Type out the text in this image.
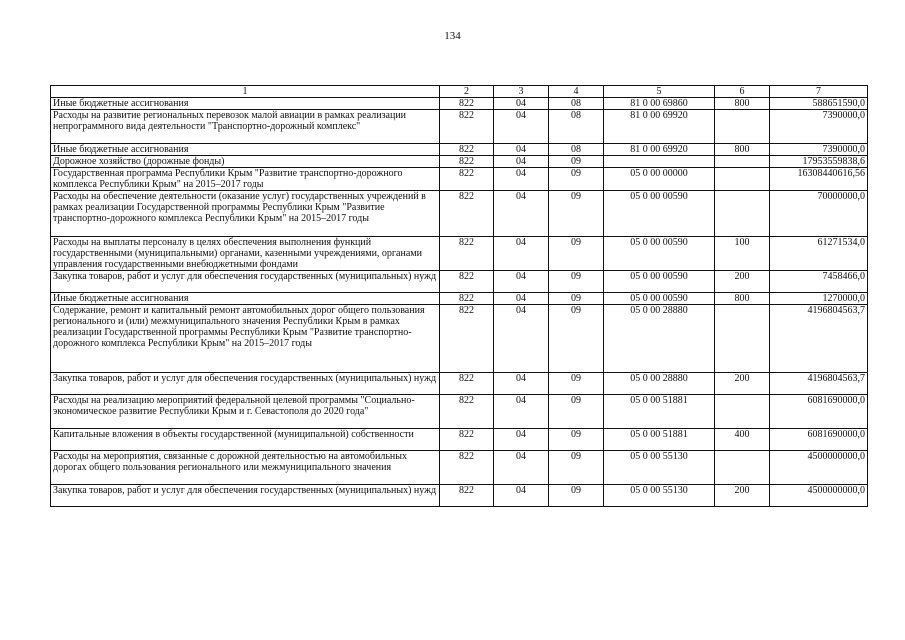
134
1	2	3	4	5	6	7
Иные бюджетные ассигнования	822	04	08	81 0 00 69860	800	588651590,0
Расходы на развитие региональных перевозок малой авиации в рамках реализации непрограммного вида деятельности "Транспортно-дорожный комплекс"	822	04	08	81 0 00 69920		7390000,0
Иные бюджетные ассигнования	822	04	08	81 0 00 69920	800	7390000,0
Дорожное хозяйство (дорожные фонды)	822	04	09			17953559838,6
Государственная программа Республики Крым "Развитие транспортно-дорожного комплекса Республики Крым" на 2015–2017 годы	822	04	09	05 0 00 00000		16308440616,56
Расходы на обеспечение деятельности (оказание услуг) государственных учреждений в рамках реализации Государственной программы Республики Крым "Развитие транспортно-дорожного комплекса Республики Крым" на 2015–2017 годы	822	04	09	05 0 00 00590		70000000,0
Расходы на выплаты персоналу в целях обеспечения выполнения функций государственными (муниципальными) органами, казенными учреждениями, органами управления государственными внебюджетными фондами	822	04	09	05 0 00 00590	100	61271534,0
Закупка товаров, работ и услуг для обеспечения государственных (муниципальных) нужд	822	04	09	05 0 00 00590	200	7458466,0
Иные бюджетные ассигнования	822	04	09	05 0 00 00590	800	1270000,0
Содержание, ремонт и капитальный ремонт автомобильных дорог общего пользования регионального и (или) межмуниципального значения Республики Крым в рамках реализации Государственной программы Республики Крым "Развитие транспортно-дорожного комплекса Республики Крым" на 2015–2017 годы	822	04	09	05 0 00 28880		4196804563,7
Закупка товаров, работ и услуг для обеспечения государственных (муниципальных) нужд	822	04	09	05 0 00 28880	200	4196804563,7
Расходы на реализацию мероприятий федеральной целевой программы "Социально-экономическое развитие Республики Крым и г. Севастополя до 2020 года"	822	04	09	05 0 00 51881		6081690000,0
Капитальные вложения в объекты государственной (муниципальной) собственности	822	04	09	05 0 00 51881	400	6081690000,0
Расходы на мероприятия, связанные с дорожной деятельностью на автомобильных дорогах общего пользования регионального или межмуниципального значения	822	04	09	05 0 00 55130		4500000000,0
Закупка товаров, работ и услуг для обеспечения государственных (муниципальных) нужд	822	04	09	05 0 00 55130	200	4500000000,0
